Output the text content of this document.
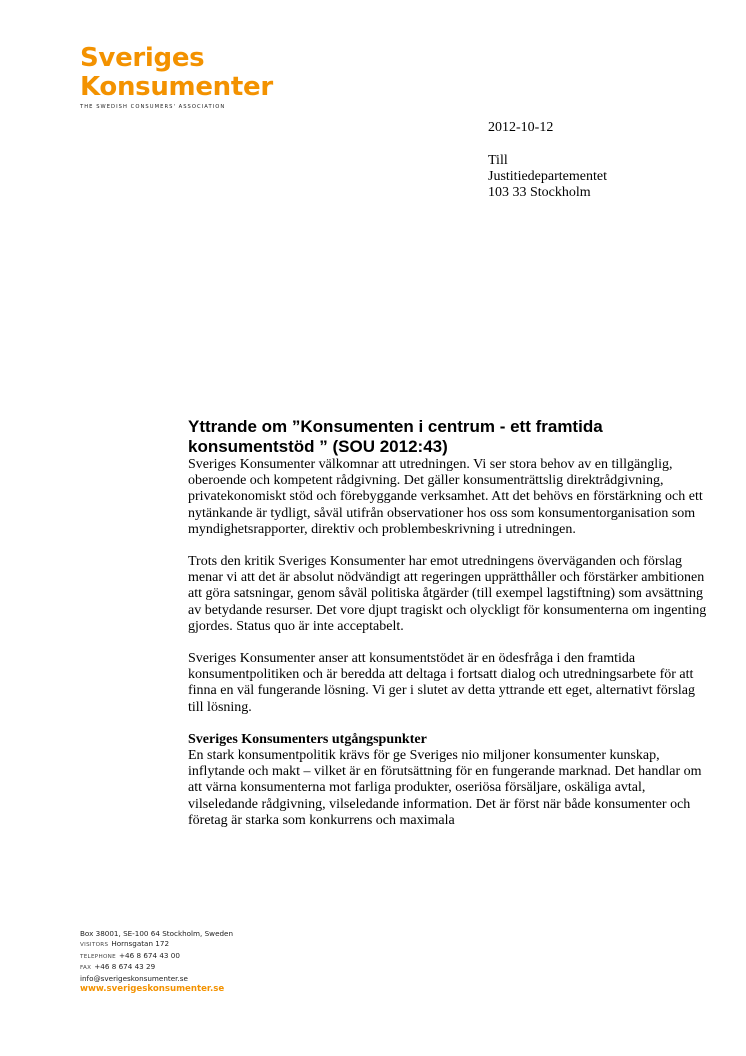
Sveriges
Konsumenter
THE SWEDISH CONSUMERS' ASSOCIATION
2012-10-12
Till
Justitiedepartementet
103 33 Stockholm
Yttrande om ”Konsumenten i centrum - ett framtida
konsumentstöd ” (SOU 2012:43)

Sveriges Konsumenter välkomnar att utredningen. Vi ser stora behov av en tillgänglig, oberoende och kompetent rådgivning. Det gäller konsumenträttslig direktrådgivning, privatekonomiskt stöd och förebyggande verksamhet. Att det behövs en förstärkning och ett nytänkande är tydligt, såväl utifrån observationer hos oss som konsumentorganisation som myndighetsrapporter, direktiv och problembeskrivning i utredningen.

Trots den kritik Sveriges Konsumenter har emot utredningens överväganden och förslag menar vi att det är absolut nödvändigt att regeringen upprätthåller och förstärker ambitionen att göra satsningar, genom såväl politiska åtgärder (till exempel lagstiftning) som avsättning av betydande resurser. Det vore djupt tragiskt och olyckligt för konsumenterna om ingenting gjordes. Status quo är inte acceptabelt.

Sveriges Konsumenter anser att konsumentstödet är en ödesfråga i den framtida konsumentpolitiken och är beredda att deltaga i fortsatt dialog och utredningsarbete för att finna en väl fungerande lösning. Vi ger i slutet av detta yttrande ett eget, alternativt förslag till lösning.

Sveriges Konsumenters utgångspunkter

En stark konsumentpolitik krävs för ge Sveriges nio miljoner konsumenter kunskap, inflytande och makt – vilket är en förutsättning för en fungerande marknad. Det handlar om att värna konsumenterna mot farliga produkter, oseriösa försäljare, oskäliga avtal, vilseledande rådgivning, vilseledande information. Det är först när både konsumenter och företag är starka som konkurrens och maximala

Box 38001, SE-100 64 Stockholm, Sweden
VISITORS Hornsgatan 172
TELEPHONE +46 8 674 43 00
FAX +46 8 674 43 29
info@sverigeskonsumenter.se
www.sverigeskonsumenter.se
